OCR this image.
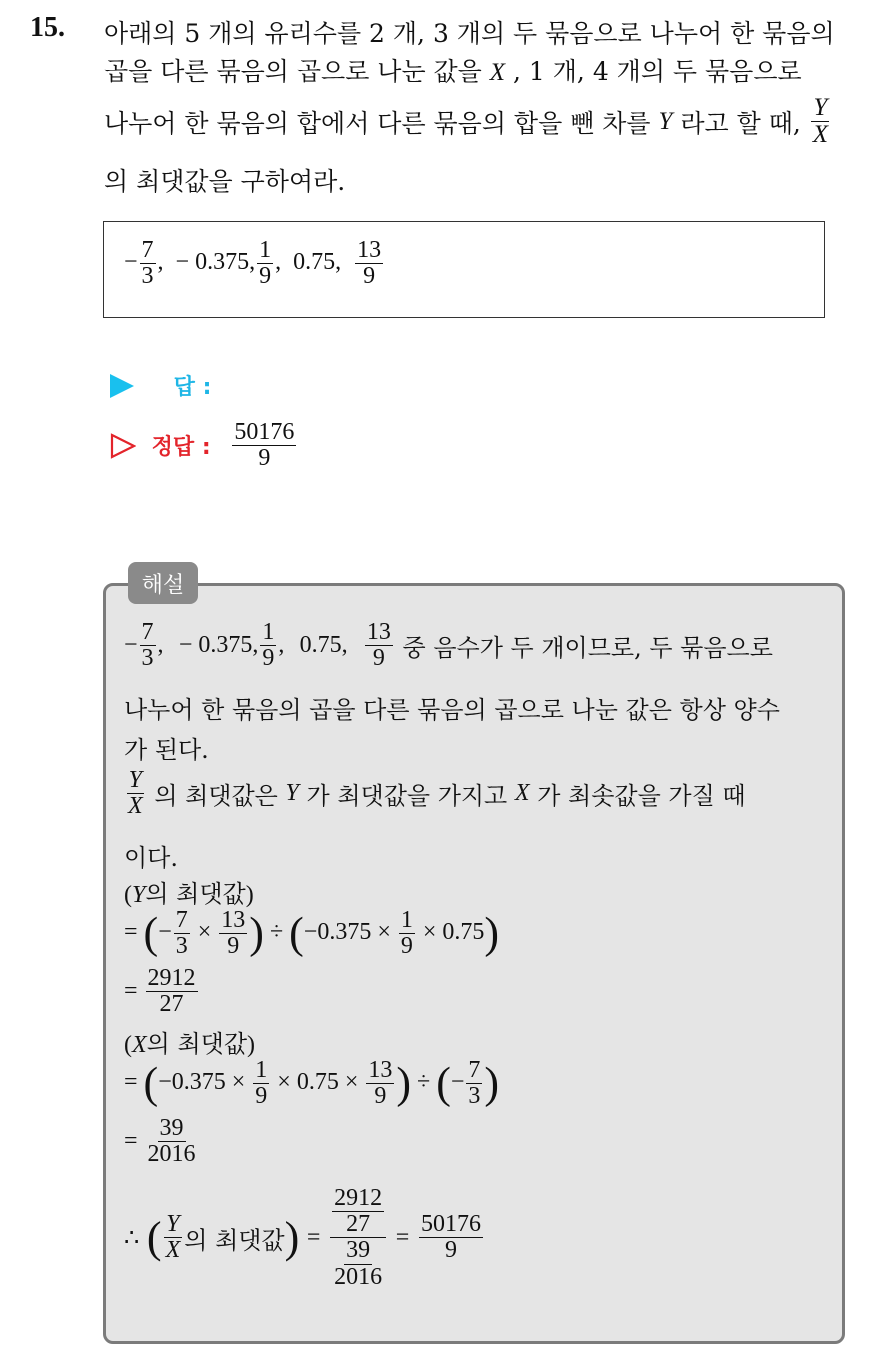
15. 아래의 5 개의 유리수를 2 개, 3 개의 두 묶음으로 나누어 한 묶음의
곱을 다른 묶음의 곱으로 나눈 값을 X , 1 개, 4 개의 두 묶음으로
나누어 한 묶음의 합에서 다른 묶음의 합을 뺀 차를 Y 라고 할 때, $\frac{Y}{X}$
의 최댓값을 구하여라.
− $\frac{7}{3}$ , − 0.375, $\frac{1}{9}$ , 0.75, $\frac{13}{9}$
답 :
정답 : $\frac{50176}{9}$
해설
− $\frac{7}{3}$ , − 0.375, $\frac{1}{9}$ , 0.75, $\frac{13}{9}$ 중 음수가 두 개이므로, 두 묶음으로
나누어 한 묶음의 곱을 다른 묶음의 곱으로 나눈 값은 항상 양수
가 된다.
$\frac{Y}{X}$ 의 최댓값은 Y 가 최댓값을 가지고 X 가 최솟값을 가질 때
이다.
(Y의 최댓값)
= (− $\frac{7}{3} \times \frac{13}{9}$ ) ÷ $(-0.375 \times \frac{1}{9} \times 0.75)$
= $\frac{2912}{27}$
(X의 최댓값)
= ($-0.375 \times \frac{1}{9} \times 0.75 \times \frac{13}{9}$ ) ÷ (− $\frac{7}{3}$ )
= $\frac{39}{2016}$
∴ ( $\frac{Y}{X}$ 의 최댓값) = $\frac{\frac{2912}{27}}{\frac{39}{2016}} = \frac{50176}{9}$
